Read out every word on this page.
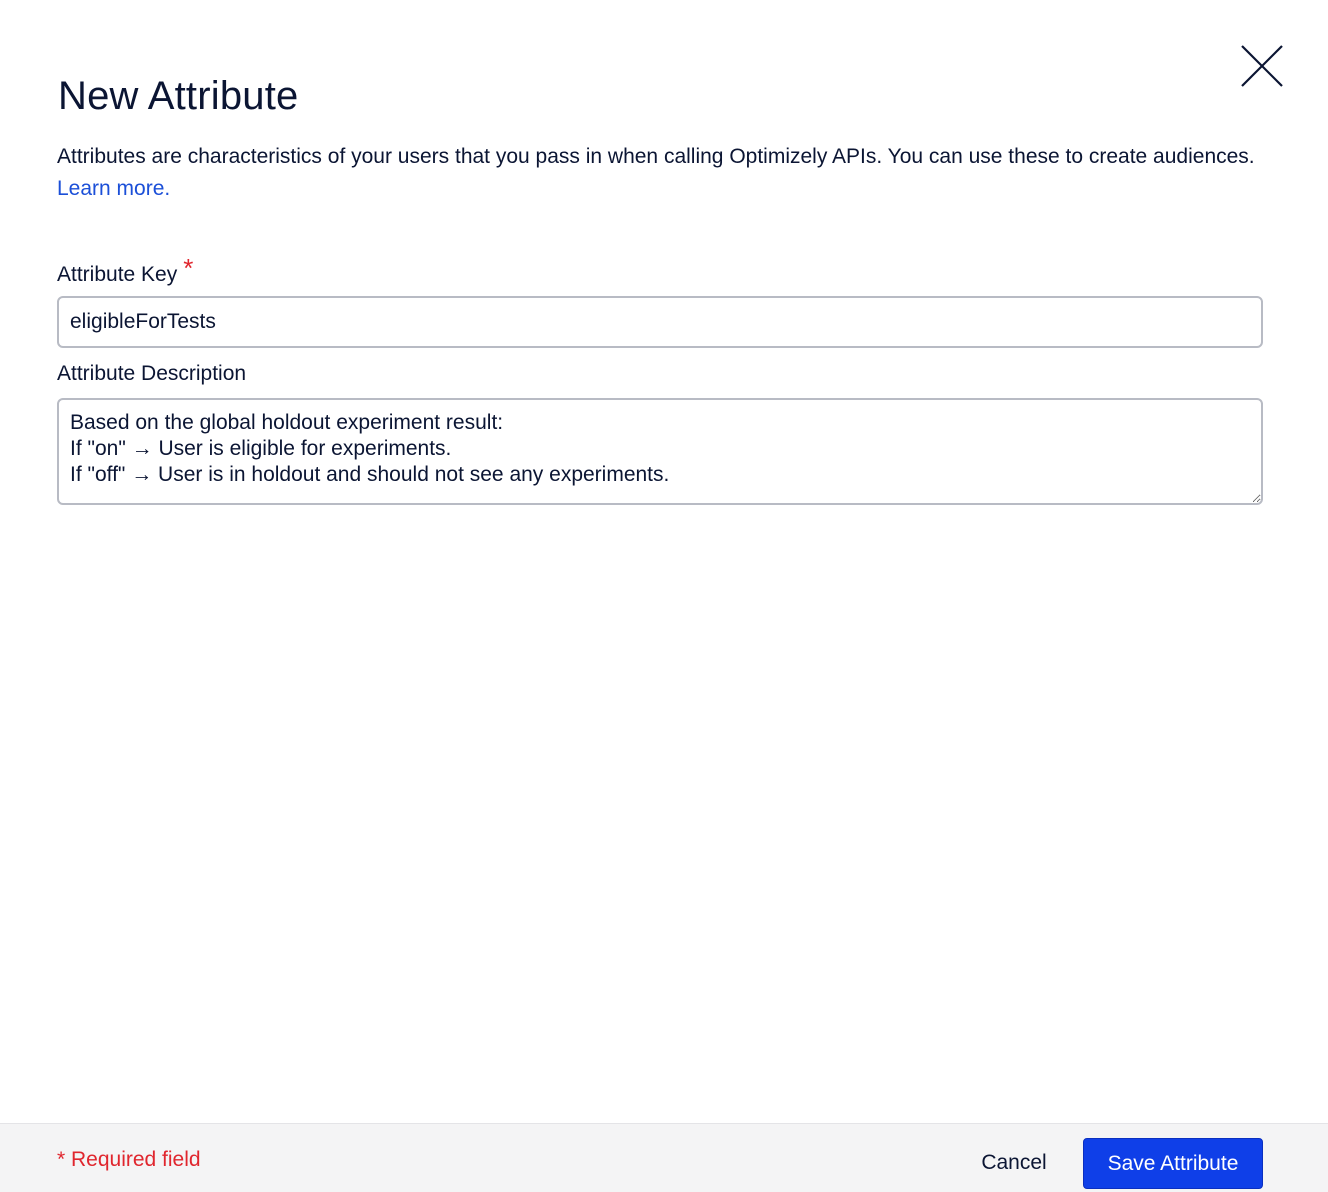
New Attribute

Attributes are characteristics of your users that you pass in when calling Optimizely APIs. You can use these to create audiences. Learn more.

Attribute Key *
eligibleForTests
Attribute Description
Based on the global holdout experiment result: If "on" → User is eligible for experiments. If "off" → User is in holdout and should not see any experiments.
* Required field	Cancel	Save Attribute
